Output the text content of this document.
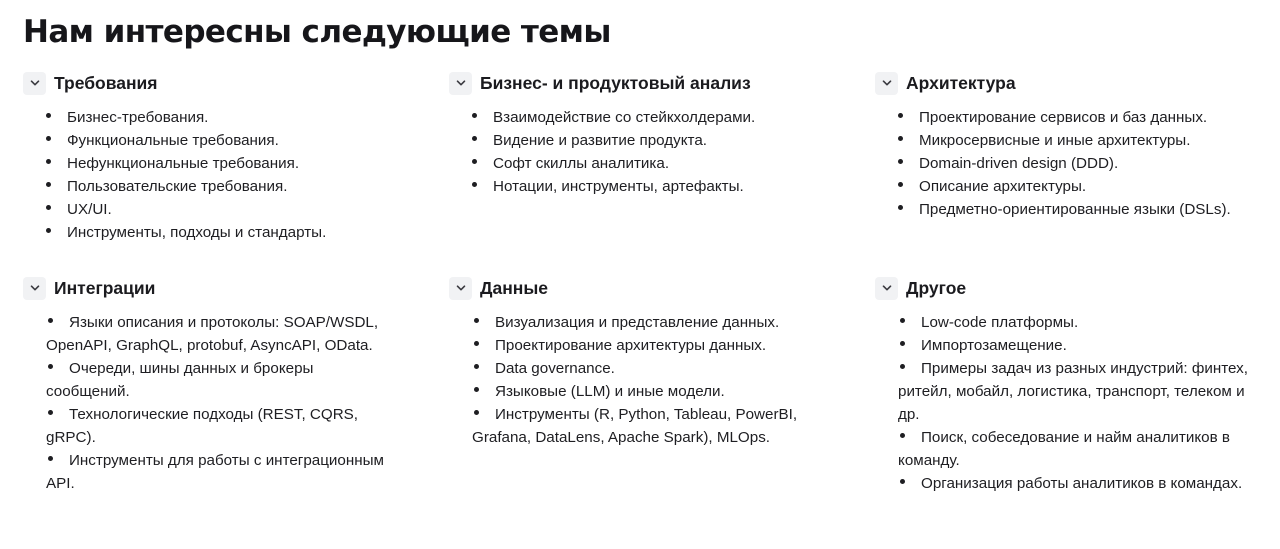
Нам интересны следующие темы
Требования
Бизнес-требования.
Функциональные требования.
Нефункциональные требования.
Пользовательские требования.
UX/UI.
Инструменты, подходы и стандарты.
Бизнес- и продуктовый анализ
Взаимодействие со стейкхолдерами.
Видение и развитие продукта.
Софт скиллы аналитика.
Нотации, инструменты, артефакты.
Архитектура
Проектирование сервисов и баз данных.
Микросервисные и иные архитектуры.
Domain-driven design (DDD).
Описание архитектуры.
Предметно-ориентированные языки (DSLs).
Интеграции
Языки описания и протоколы: SOAP/WSDL, OpenAPI, GraphQL, protobuf, AsyncAPI, OData.
Очереди, шины данных и брокеры сообщений.
Технологические подходы (REST, CQRS, gRPC).
Инструменты для работы с интеграционным API.
Данные
Визуализация и представление данных.
Проектирование архитектуры данных.
Data governance.
Языковые (LLM) и иные модели.
Инструменты (R, Python, Tableau, PowerBI, Grafana, DataLens, Apache Spark), MLOps.
Другое
Low-code платформы.
Импортозамещение.
Примеры задач из разных индустрий: финтех, ритейл, мобайл, логистика, транспорт, телеком и др.
Поиск, собеседование и найм аналитиков в команду.
Организация работы аналитиков в командах.
